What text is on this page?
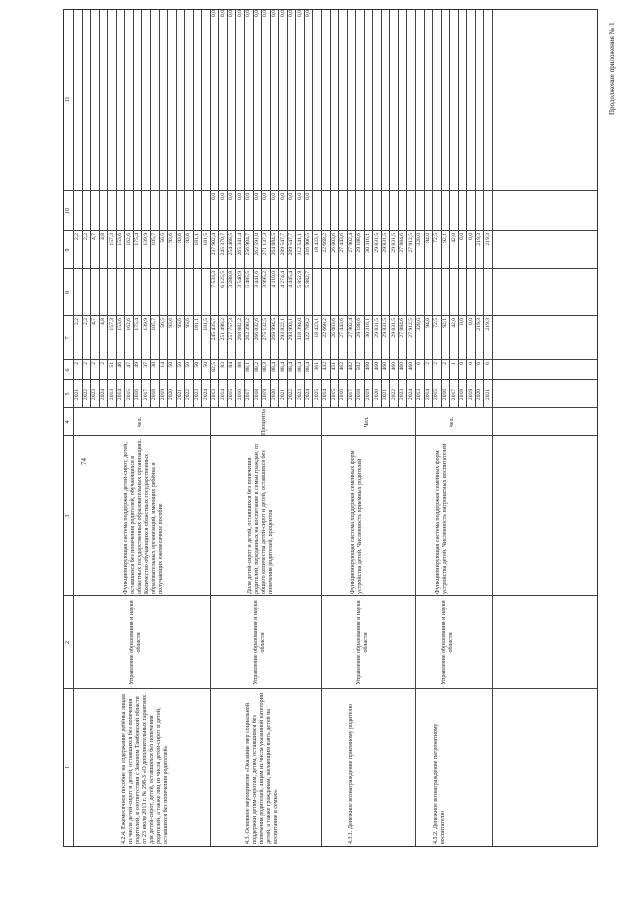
74
Продолжение приложения № 1
1
2
3
4
5
6
7
8
9
10
11
4.2.4. Ежемесячное пособие на содержание ребёнка лицам из числа детей-сирот и детей, оставшихся без попечения родителей, в соответствии с Законом Тамбовской области от 23 июля 2013 г. № 298-З «О дополнительных гарантиях для детей-сирот, детей, оставшихся без попечения родителей, а также лиц из числа детей-сирот и детей, оставшихся без попечения родителей»
Управление образования и науки области
Функционирующая система поддержки детей-сирот, детей, оставшихся без попечения родителей, обучающихся в областных государственных образовательных организациях. Количество обучающихся областных государственных образовательных организаций, имеющих ребёнка и получающих ежемесячное пособие
чел.
2021
2
2,2
2,2
2022
2
2,2
2,2
2023
2
4,7
4,7
2024
2
4,8
4,8
2013
51
157,3
157,3
2014
46
153,6
153,6
2015
47
162,6
162,6
2016
49
175,4
175,4
2017
37
139,9
139,9
2018
30
105,7
105,7
2019
14
56,5
56,5
2020
50
93,6
93,6
2021
50
93,6
93,6
2022
50
93,6
93,6
2023
50
181,1
181,1
2024
50
181,5
181,5
4.3. Основное мероприятие «Оказание мер социальной поддержки детям-сиротам, детям, оставшимся без попечения родителей, лицам из числа указанной категории детей, а также гражданам, желающим взять детей на воспитание в семью»
Управление образования и науки области
Доля детей-сирот и детей, оставшихся без попечения родителей, переданных на воспитание в семьи граждан, от общего количества детей-сирот и детей, оставшихся без попечения родителей, процентов
Проценты
2013
82,5
245 435,7
7 533,3
237 902,4
0,0
0,0
2014
83
251 496,2
6 125,5
245 370,7
0,0
0,0
2015
84
257 757,3
3 288,8
254 468,5
0,0
0,0
2016
88
268 882,2
3 540,9
265 341,4
0,0
0,0
2017
88,1
262 390,2
5 485,5
256 904,7
0,0
0,0
2018
88,2
266 032,6
3 441,6
262 591,0
0,0
0,0
2019
88,3
275 132,5
3 995,2
271 137,3
0,0
0,0
2020
88,4
268 994,5
4 110,0
264 884,5
0,0
0,0
2021
88,4
293 822,1
4 274,4
289 547,7
0,0
0,0
2022
88,4
293 993,1
4 445,4
289 547,7
0,0
0,0
2023
88,4
318 394,0
5 852,9
312 541,1
0,0
0,0
2024
88,4
322 789,2
5 882,7
316 906,5
0,0
0,0
2025
361
18 423,1
18 423,1
4.3.1. Денежное вознаграждение приемному родителю
Управление образования и науки области
Функционирующая система поддержки семейных форм устройства детей. Численность приемных родителей
Чел.
2014
432
22 668,2
22 668,2
2015
451
26 003,6
26 003,6
2016
462
27 443,6
27 443,6
2017
482
27 902,4
27 902,4
2018
502
29 188,6
29 188,6
2019
460
30 316,1
30 316,1
2020
460
29 831,5
29 831,5
2021
460
29 831,5
29 831,5
2022
460
29 831,5
29 831,5
2023
460
27 884,6
27 884,6
2024
460
27 912,5
27 912,5
4.3.2. Денежное вознаграждение патронатному воспитателю
Управление образования и науки области
Функционирующая система поддержки семейных форм устройства детей. Численность патронатных воспитателей
чел.
2013
6
328,0
328,0
2014
2
94,0
94,0
2015
2
72,5
72,5
2016
2
92,1
92,1
2017
1
42,0
42,0
2018
0
0,0
0,0
2019
0
0,0
0,0
2020
6
219,3
219,3
2021
6
219,3
219,3
